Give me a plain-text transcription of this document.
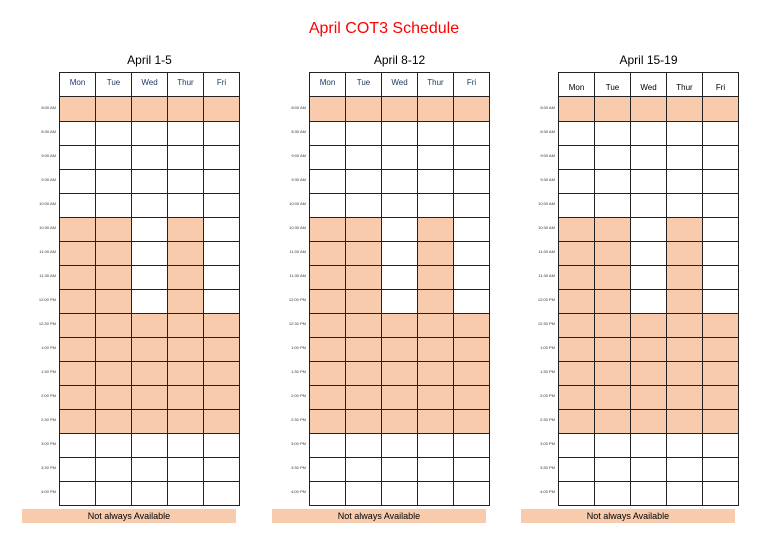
April COT3 Schedule
April 1-5
Mon	Tue	Wed	Thur	Fri
8:00 AM
8:30 AM
9:00 AM
9:30 AM
10:00 AM
10:30 AM
11:00 AM
11:30 AM
12:00 PM
12:30 PM
1:00 PM
1:30 PM
2:00 PM
2:30 PM
3:00 PM
3:30 PM
4:00 PM
April 8-12
Mon	Tue	Wed	Thur	Fri
8:00 AM
8:30 AM
9:00 AM
9:30 AM
10:00 AM
10:30 AM
11:00 AM
11:30 AM
12:00 PM
12:30 PM
1:00 PM
1:30 PM
2:00 PM
2:30 PM
3:00 PM
3:30 PM
4:00 PM
April 15-19
Mon	Tue	Wed	Thur	Fri
8:00 AM
8:30 AM
9:00 AM
9:30 AM
10:00 AM
10:30 AM
11:00 AM
11:30 AM
12:00 PM
12:30 PM
1:00 PM
1:30 PM
2:00 PM
2:30 PM
3:00 PM
3:30 PM
4:00 PM
Not always Available	Not always Available	Not always Available
